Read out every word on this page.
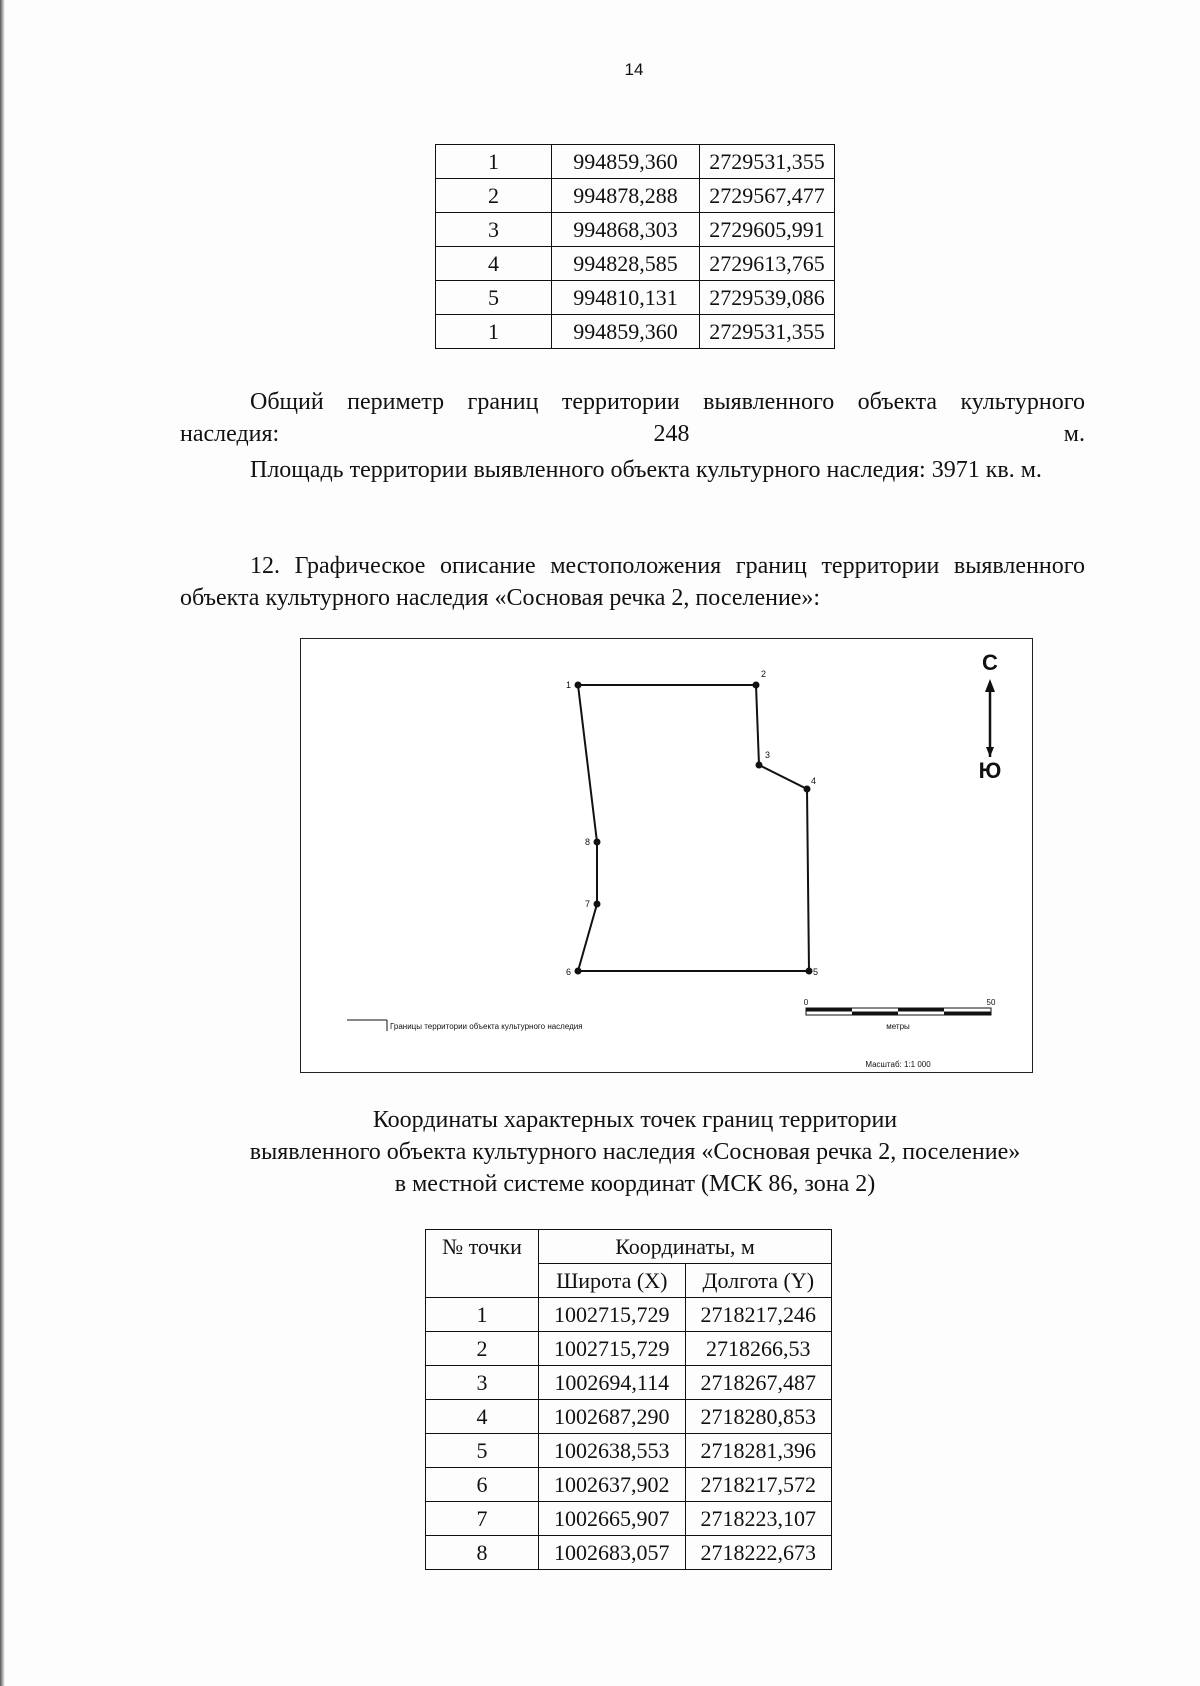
14
1	994859,360	2729531,355
2	994878,288	2729567,477
3	994868,303	2729605,991
4	994828,585	2729613,765
5	994810,131	2729539,086
1	994859,360	2729531,355
Общий периметр границ территории выявленного объекта культурного наследия: 248 м.
Площадь территории выявленного объекта культурного наследия: 3971 кв. м.
12. Графическое описание местоположения границ территории выявленного объекта культурного наследия «Сосновая речка 2, поселение»:
1
2
3
4
5
6
7
8
С
Ю
Границы территории объекта культурного наследия
0	50
метры
Масштаб: 1:1 000
Координаты характерных точек границ территории
выявленного объекта культурного наследия «Сосновая речка 2, поселение»
в местной системе координат (МСК 86, зона 2)
№ точки	Координаты, м	
	Широта (X)	Долгота (Y)
1	1002715,729	2718217,246
2	1002715,729	2718266,53
3	1002694,114	2718267,487
4	1002687,290	2718280,853
5	1002638,553	2718281,396
6	1002637,902	2718217,572
7	1002665,907	2718223,107
8	1002683,057	2718222,673
